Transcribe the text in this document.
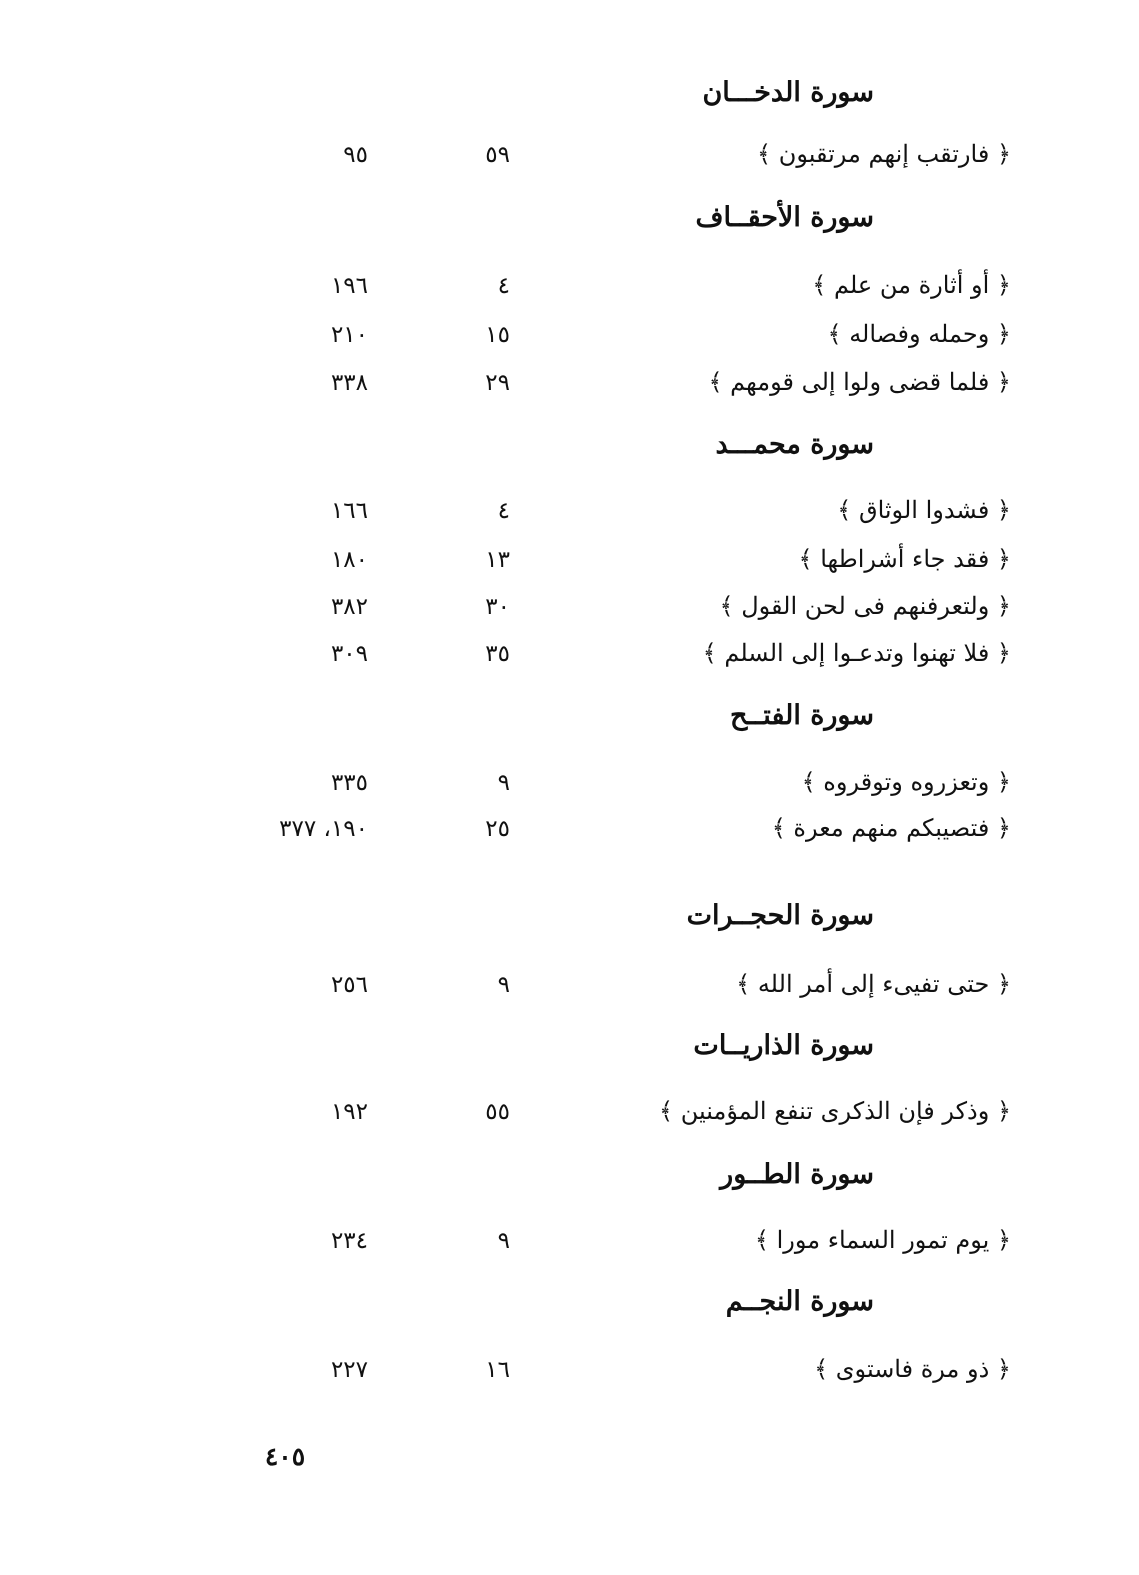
سورة الدخـــان
﴿ فارتقب إنهم مرتقبون ﴾
٥٩
٩٥
سورة الأحقــاف
﴿ أو أثارة من علم ﴾
٤
١٩٦
﴿ وحمله وفصاله ﴾
١٥
٢١٠
﴿ فلما قضى ولوا إلى قومهم ﴾
٢٩
٣٣٨
سورة محمـــد
﴿ فشدوا الوثاق ﴾
٤
١٦٦
﴿ فقد جاء أشراطها ﴾
١٣
١٨٠
﴿ ولتعرفنهم فى لحن القول ﴾
٣٠
٣٨٢
﴿ فلا تهنوا وتدعـوا إلى السلم ﴾
٣٥
٣٠٩
سورة الفتــح
﴿ وتعزروه وتوقروه ﴾
٩
٣٣٥
﴿ فتصيبكم منهم معرة ﴾
٢٥
١٩٠، ٣٧٧
سورة الحجــرات
﴿ حتى تفيىء إلى أمر الله ﴾
٩
٢٥٦
سورة الذاريــات
﴿ وذكر فإن الذكرى تنفع المؤمنين ﴾
٥٥
١٩٢
سورة الطــور
﴿ يوم تمور السماء مورا ﴾
٩
٢٣٤
سورة النجــم
﴿ ذو مرة فاستوى ﴾
١٦
٢٢٧
٤٠٥
